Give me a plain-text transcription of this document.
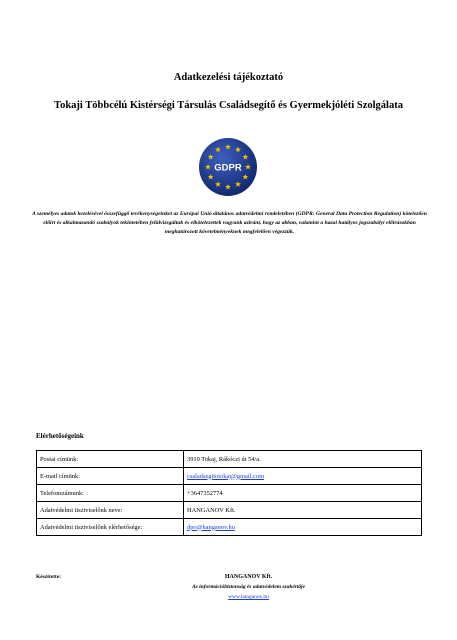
Adatkezelési tájékoztató
Tokaji Többcélú Kistérségi Társulás Családsegítő és Gyermekjóléti Szolgálata
GDPR
A személyes adatok kezelésével összefüggő tevékenységeinket az Európai Unió általános adatvédelmi rendeletében (GDPR: General Data Protection Regulation) kötelezően előírt és alkalmazandó szabályok tekintetében felülvizsgáltuk és elkötelezettek vagyunk aziránt, hogy az abban, valamint a hazai hatályos jogszabályi előírásokban meghatározott követelményeknek megfelelően végezzük.
Elérhetőségeink
Postai címünk:	3910 Tokaj, Rákóczi út 54/a.
E-mail címünk:	csaladsegitotokaj@gmail.com
Telefonszámunk:	+3647352774
Adatvédelmi tisztviselőnk neve:	HANGANOV Kft.
Adatvédelmi tisztviselőnk elérhetősége:	dpo@hanganov.hu
Készítette:	HANGANOV Kft.
Az információbiztonság és adatvédelem szakértője
www.hanganov.hu
